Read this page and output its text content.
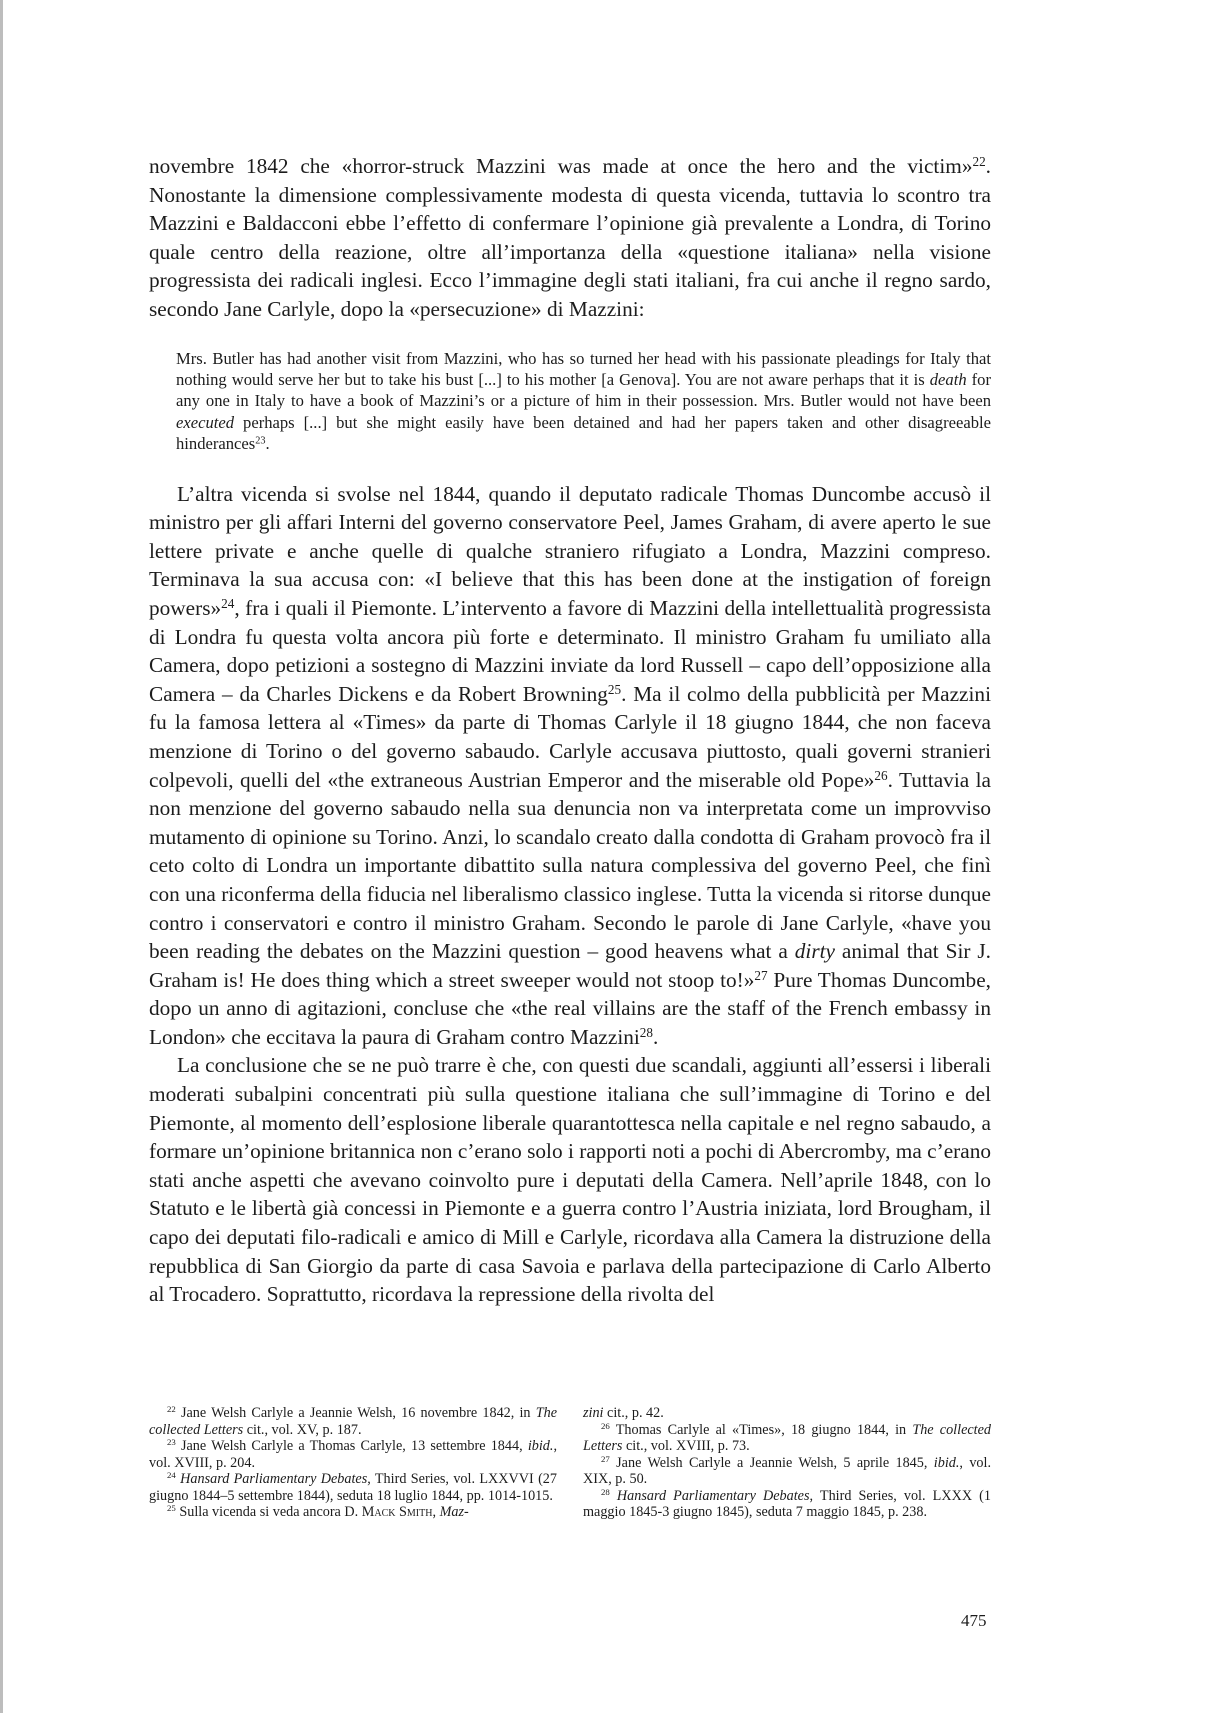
novembre 1842 che «horror-struck Mazzini was made at once the hero and the victim»$^{22}$. Nonostante la dimensione complessivamente modesta di questa vicenda, tuttavia lo scontro tra Mazzini e Baldacconi ebbe l’effetto di confermare l’opinione già prevalente a Londra, di Torino quale centro della reazione, oltre all’importanza della «questione italiana» nella visione progressista dei radicali inglesi. Ecco l’immagine degli stati italiani, fra cui anche il regno sardo, secondo Jane Carlyle, dopo la «persecuzione» di Mazzini:

Mrs. Butler has had another visit from Mazzini, who has so turned her head with his passionate pleadings for Italy that nothing would serve her but to take his bust [...] to his mother [a Genova]. You are not aware perhaps that it is death for any one in Italy to have a book of Mazzini’s or a picture of him in their possession. Mrs. Butler would not have been executed perhaps [...] but she might easily have been detained and had her papers taken and other disagreeable hinderances$^{23}$.

L’altra vicenda si svolse nel 1844, quando il deputato radicale Thomas Duncombe accusò il ministro per gli affari Interni del governo conservatore Peel, James Graham, di avere aperto le sue lettere private e anche quelle di qualche straniero rifugiato a Londra, Mazzini compreso. Terminava la sua accusa con: «I believe that this has been done at the instigation of foreign powers»$^{24}$, fra i quali il Piemonte. L’intervento a favore di Mazzini della intellettualità progressista di Londra fu questa volta ancora più forte e determinato. Il ministro Graham fu umiliato alla Camera, dopo petizioni a sostegno di Mazzini inviate da lord Russell – capo dell’opposizione alla Camera – da Charles Dickens e da Robert Browning$^{25}$. Ma il colmo della pubblicità per Mazzini fu la famosa lettera al «Times» da parte di Thomas Carlyle il 18 giugno 1844, che non faceva menzione di Torino o del governo sabaudo. Carlyle accusava piuttosto, quali governi stranieri colpevoli, quelli del «the extraneous Austrian Emperor and the miserable old Pope»$^{26}$. Tuttavia la non menzione del governo sabaudo nella sua denuncia non va interpretata come un improvviso mutamento di opinione su Torino. Anzi, lo scandalo creato dalla condotta di Graham provocò fra il ceto colto di Londra un importante dibattito sulla natura complessiva del governo Peel, che finì con una riconferma della fiducia nel liberalismo classico inglese. Tutta la vicenda si ritorse dunque contro i conservatori e contro il ministro Graham. Secondo le parole di Jane Carlyle, «have you been reading the debates on the Mazzini question – good heavens what a dirty animal that Sir J. Graham is! He does thing which a street sweeper would not stoop to!»$^{27}$ Pure Thomas Duncombe, dopo un anno di agitazioni, concluse che «the real villains are the staff of the French embassy in London» che eccitava la paura di Graham contro Mazzini$^{28}$.

La conclusione che se ne può trarre è che, con questi due scandali, aggiunti all’essersi i liberali moderati subalpini concentrati più sulla questione italiana che sull’immagine di Torino e del Piemonte, al momento dell’esplosione liberale quarantottesca nella capitale e nel regno sabaudo, a formare un’opinione britannica non c’erano solo i rapporti noti a pochi di Abercromby, ma c’erano stati anche aspetti che avevano coinvolto pure i deputati della Camera. Nell’aprile 1848, con lo Statuto e le libertà già concessi in Piemonte e a guerra contro l’Austria iniziata, lord Brougham, il capo dei deputati filo-radicali e amico di Mill e Carlyle, ricordava alla Camera la distruzione della repubblica di San Giorgio da parte di casa Savoia e parlava della partecipazione di Carlo Alberto al Trocadero. Soprattutto, ricordava la repressione della rivolta del

$^{22}$ Jane Welsh Carlyle a Jeannie Welsh, 16 novembre 1842, in The collected Letters cit., vol. XV, p. 187.

$^{23}$ Jane Welsh Carlyle a Thomas Carlyle, 13 settembre 1844, ibid., vol. XVIII, p. 204.

$^{24}$ Hansard Parliamentary Debates, Third Series, vol. LXXVVI (27 giugno 1844–5 settembre 1844), seduta 18 luglio 1844, pp. 1014-1015.

$^{25}$ Sulla vicenda si veda ancora D. Mack Smith, Maz-

zini cit., p. 42.

$^{26}$ Thomas Carlyle al «Times», 18 giugno 1844, in The collected Letters cit., vol. XVIII, p. 73.

$^{27}$ Jane Welsh Carlyle a Jeannie Welsh, 5 aprile 1845, ibid., vol. XIX, p. 50.

$^{28}$ Hansard Parliamentary Debates, Third Series, vol. LXXX (1 maggio 1845-3 giugno 1845), seduta 7 maggio 1845, p. 238.

475
